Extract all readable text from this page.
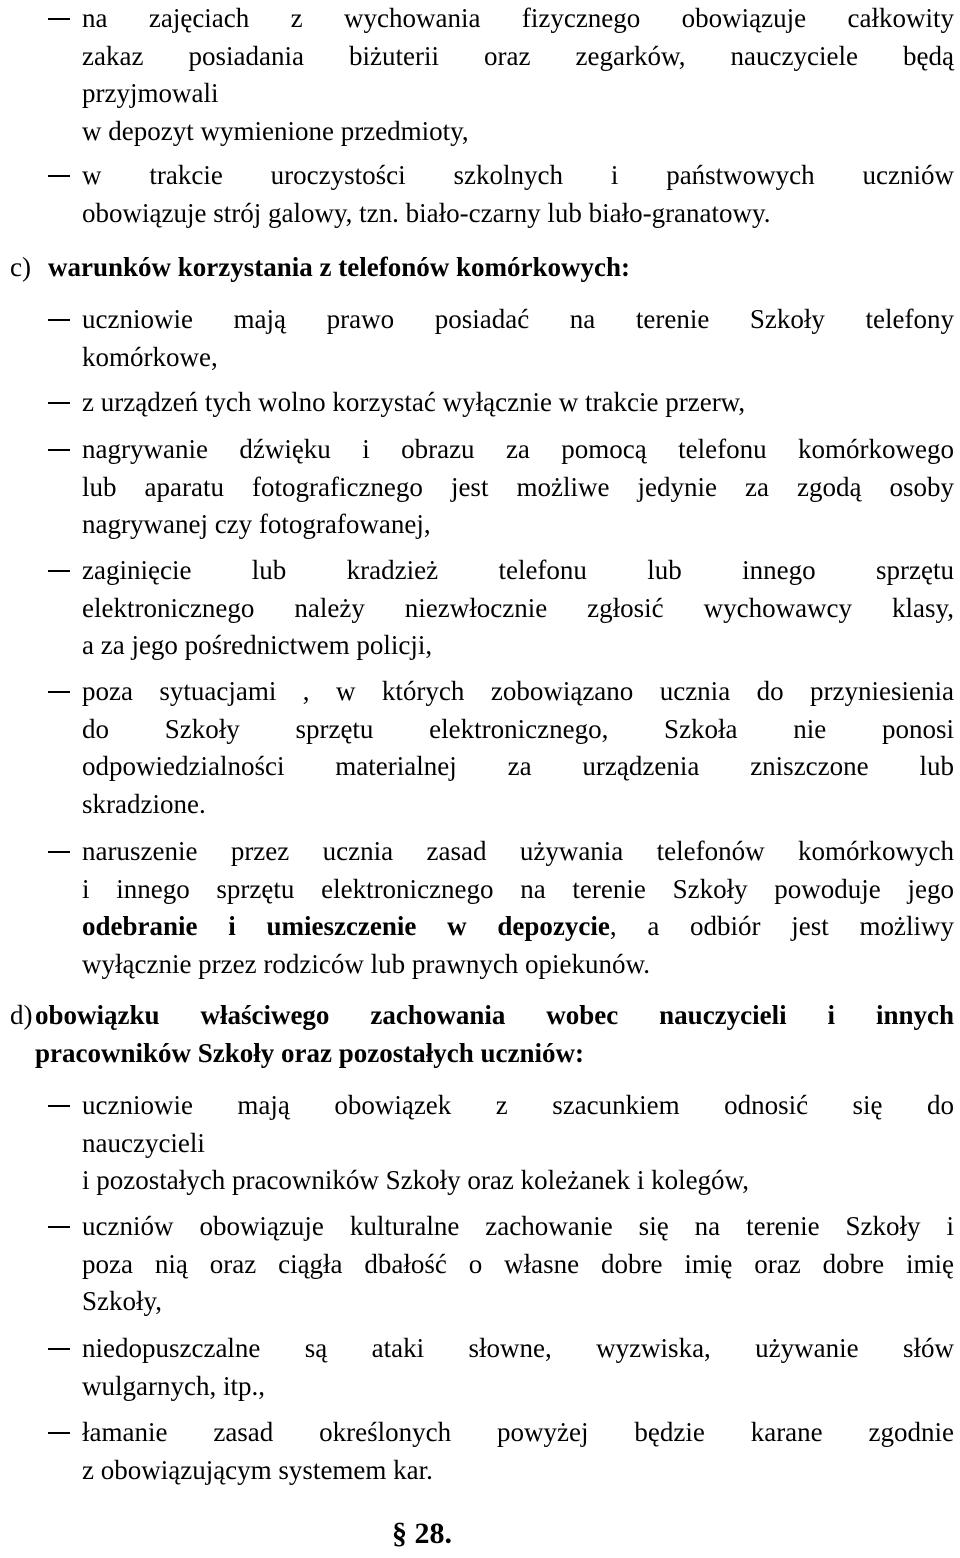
na zajęciach z wychowania fizycznego obowiązuje całkowity
zakaz posiadania biżuterii oraz zegarków, nauczyciele będą
przyjmowali
w depozyt wymienione przedmioty,
w trakcie uroczystości szkolnych i państwowych uczniów
obowiązuje strój galowy, tzn. biało-czarny lub biało-granatowy.
c) warunków korzystania z telefonów komórkowych:
uczniowie mają prawo posiadać na terenie Szkoły telefony
komórkowe,
z urządzeń tych wolno korzystać wyłącznie w trakcie przerw,
nagrywanie dźwięku i obrazu za pomocą telefonu komórkowego
lub aparatu fotograficznego jest możliwe jedynie za zgodą osoby
nagrywanej czy fotografowanej,
zaginięcie lub kradzież telefonu lub innego sprzętu
elektronicznego należy niezwłocznie zgłosić wychowawcy klasy,
a za jego pośrednictwem policji,
poza sytuacjami , w których zobowiązano ucznia do przyniesienia
do Szkoły sprzętu elektronicznego, Szkoła nie ponosi
odpowiedzialności materialnej za urządzenia zniszczone lub
skradzione.
naruszenie przez ucznia zasad używania telefonów komórkowych
i innego sprzętu elektronicznego na terenie Szkoły powoduje jego
odebranie i umieszczenie w depozycie, a odbiór jest możliwy
wyłącznie przez rodziców lub prawnych opiekunów.
d) obowiązku właściwego zachowania wobec nauczycieli i innych
pracowników Szkoły oraz pozostałych uczniów:
uczniowie mają obowiązek z szacunkiem odnosić się do
nauczycieli
i pozostałych pracowników Szkoły oraz koleżanek i kolegów,
uczniów obowiązuje kulturalne zachowanie się na terenie Szkoły i
poza nią oraz ciągła dbałość o własne dobre imię oraz dobre imię
Szkoły,
niedopuszczalne są ataki słowne, wyzwiska, używanie słów
wulgarnych, itp.,
łamanie zasad określonych powyżej będzie karane zgodnie
z obowiązującym systemem kar.
§ 28.
